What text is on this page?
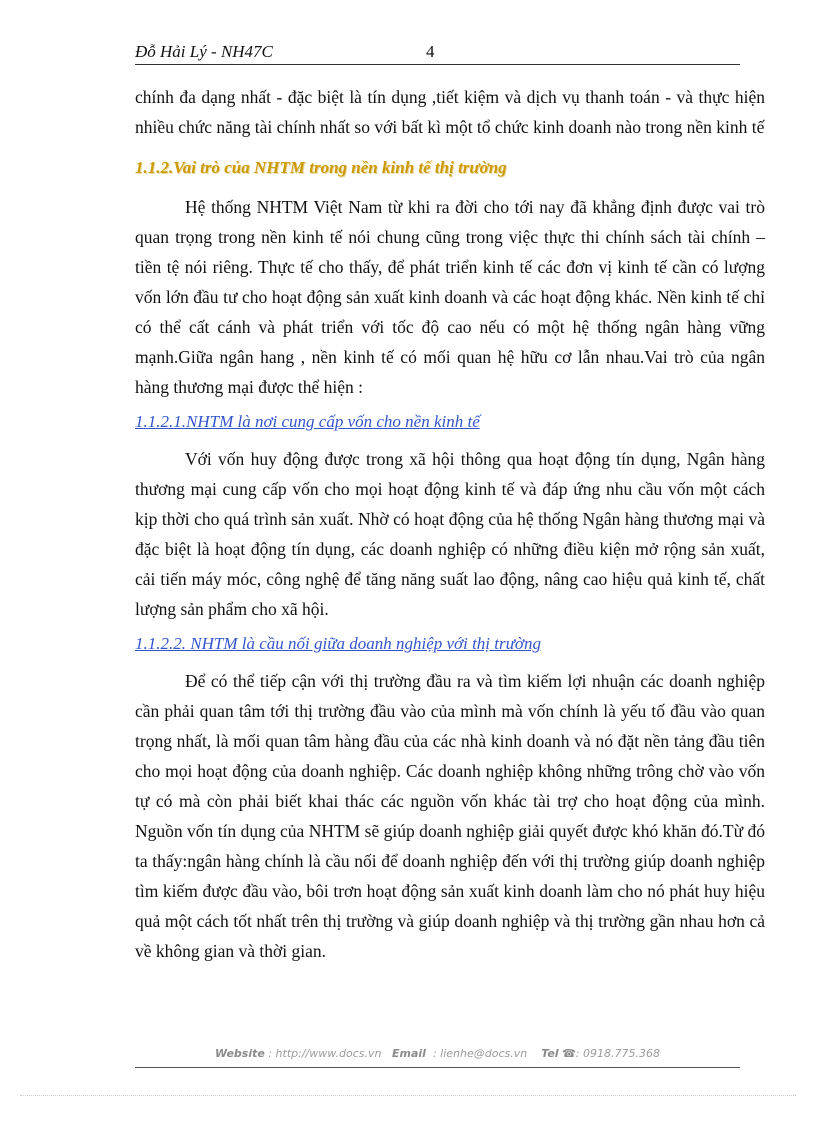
Đỗ Hải Lý - NH47C	4

chính đa dạng nhất - đặc biệt là tín dụng ,tiết kiệm và dịch vụ thanh toán - và thực hiện nhiều chức năng tài chính nhất so với bất kì một tổ chức kinh doanh nào trong nền kinh tế

1.1.2.Vai trò của NHTM trong nền kinh tế thị trường

Hệ thống NHTM Việt Nam từ khi ra đời cho tới nay đã khẳng định được vai trò quan trọng trong nền kinh tế nói chung cũng trong việc thực thi chính sách tài chính – tiền tệ nói riêng. Thực tế cho thấy, để phát triển kinh tế các đơn vị kinh tế cần có lượng vốn lớn đầu tư cho hoạt động sản xuất kinh doanh và các hoạt động khác. Nền kinh tế chỉ có thể cất cánh và phát triển với tốc độ cao nếu có một hệ thống ngân hàng vững mạnh.Giữa ngân hang , nền kinh tế có mối quan hệ hữu cơ lẫn nhau.Vai trò của ngân hàng thương mại được thể hiện :

1.1.2.1.NHTM là nơi cung cấp vốn cho nền kinh tế

Với vốn huy động được trong xã hội thông qua hoạt động tín dụng, Ngân hàng thương mại cung cấp vốn cho mọi hoạt động kinh tế và đáp ứng nhu cầu vốn một cách kịp thời cho quá trình sản xuất. Nhờ có hoạt động của hệ thống Ngân hàng thương mại và đặc biệt là hoạt động tín dụng, các doanh nghiệp có những điều kiện mở rộng sản xuất, cải tiến máy móc, công nghệ để tăng năng suất lao động, nâng cao hiệu quả kinh tế, chất lượng sản phẩm cho xã hội.

1.1.2.2. NHTM là cầu nối giữa doanh nghiệp với thị trường

Để có thể tiếp cận với thị trường đầu ra và tìm kiếm lợi nhuận các doanh nghiệp cần phải quan tâm tới thị trường đầu vào của mình mà vốn chính là yếu tố đầu vào quan trọng nhất, là mối quan tâm hàng đầu của các nhà kinh doanh và nó đặt nền tảng đầu tiên cho mọi hoạt động của doanh nghiệp. Các doanh nghiệp không những trông chờ vào vốn tự có mà còn phải biết khai thác các nguồn vốn khác tài trợ cho hoạt động của mình. Nguồn vốn tín dụng của NHTM sẽ giúp doanh nghiệp giải quyết được khó khăn đó.Từ đó ta thấy:ngân hàng chính là cầu nối để doanh nghiệp đến với thị trường giúp doanh nghiệp tìm kiếm được đầu vào, bôi trơn hoạt động sản xuất kinh doanh làm cho nó phát huy hiệu quả một cách tốt nhất trên thị trường và giúp doanh nghiệp và thị trường gần nhau hơn cả về không gian và thời gian.

Website : http://www.docs.vn Email : lienhe@docs.vn Tel ☎: 0918.775.368
